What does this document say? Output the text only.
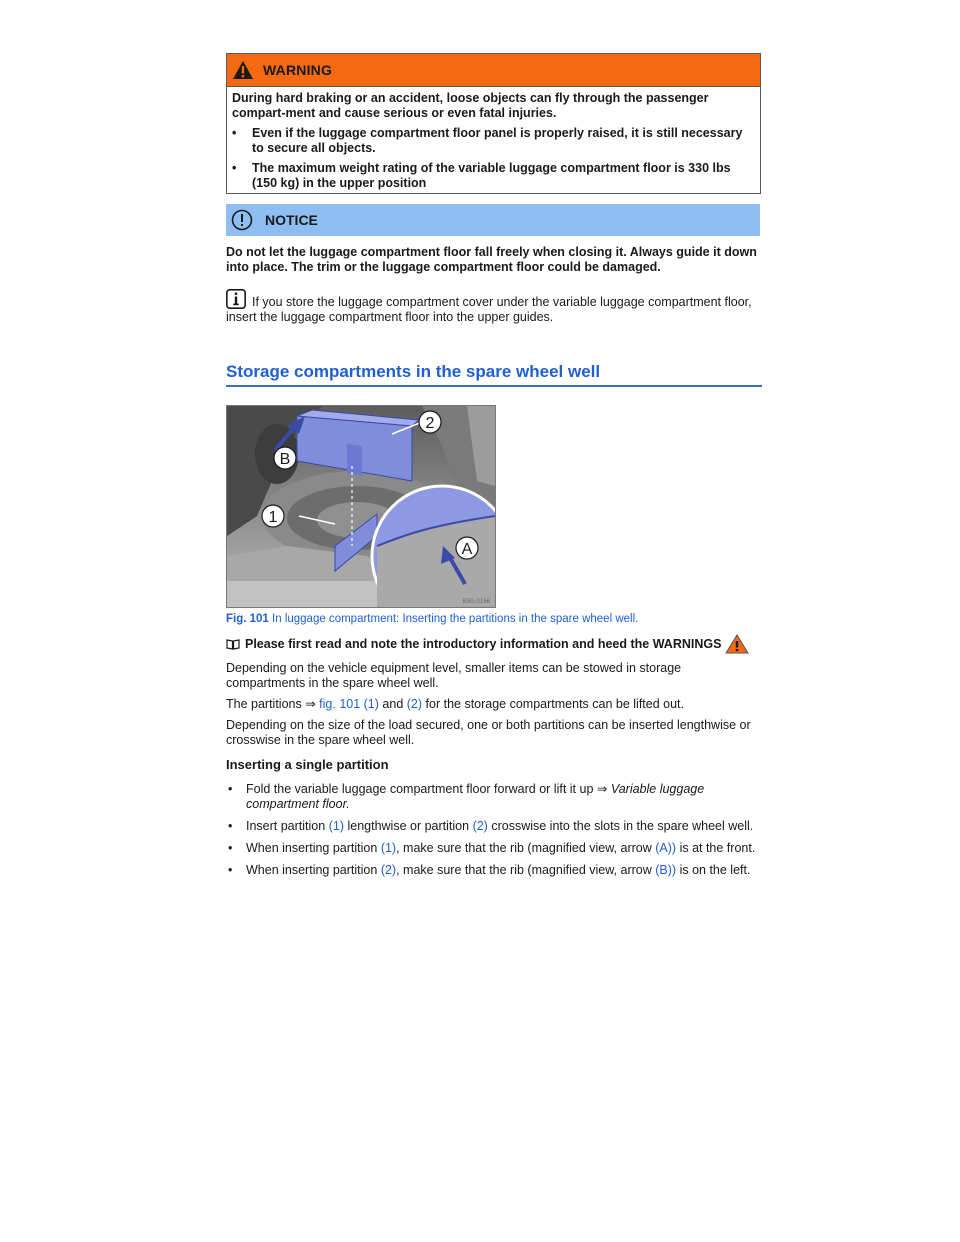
WARNING

During hard braking or an accident, loose objects can fly through the passenger compart-ment and cause serious or even fatal injuries.

•	Even if the luggage compartment floor panel is properly raised, it is still necessary to secure all objects.

•	The maximum weight rating of the variable luggage compartment floor is 330 lbs (150 kg) in the upper position

NOTICE

Do not let the luggage compartment floor fall freely when closing it. Always guide it down into place. The trim or the luggage compartment floor could be damaged.

If you store the luggage compartment cover under the variable luggage compartment floor, insert the luggage compartment floor into the upper guides.

Storage compartments in the spare wheel well
B
2
1
A
B5G-0156
Fig. 101 In luggage compartment: Inserting the partitions in the spare wheel well.

Please first read and note the introductory information and heed the WARNINGS

Depending on the vehicle equipment level, smaller items can be stowed in storage compartments in the spare wheel well.

The partitions ⇒ fig. 101 (1) and (2) for the storage compartments can be lifted out.

Depending on the size of the load secured, one or both partitions can be inserted lengthwise or crosswise in the spare wheel well.

Inserting a single partition
•	Fold the variable luggage compartment floor forward or lift it up ⇒ Variable luggage compartment floor.
•	Insert partition (1) lengthwise or partition (2) crosswise into the slots in the spare wheel well.
•	When inserting partition (1), make sure that the rib (magnified view, arrow (A)) is at the front.
•	When inserting partition (2), make sure that the rib (magnified view, arrow (B)) is on the left.
